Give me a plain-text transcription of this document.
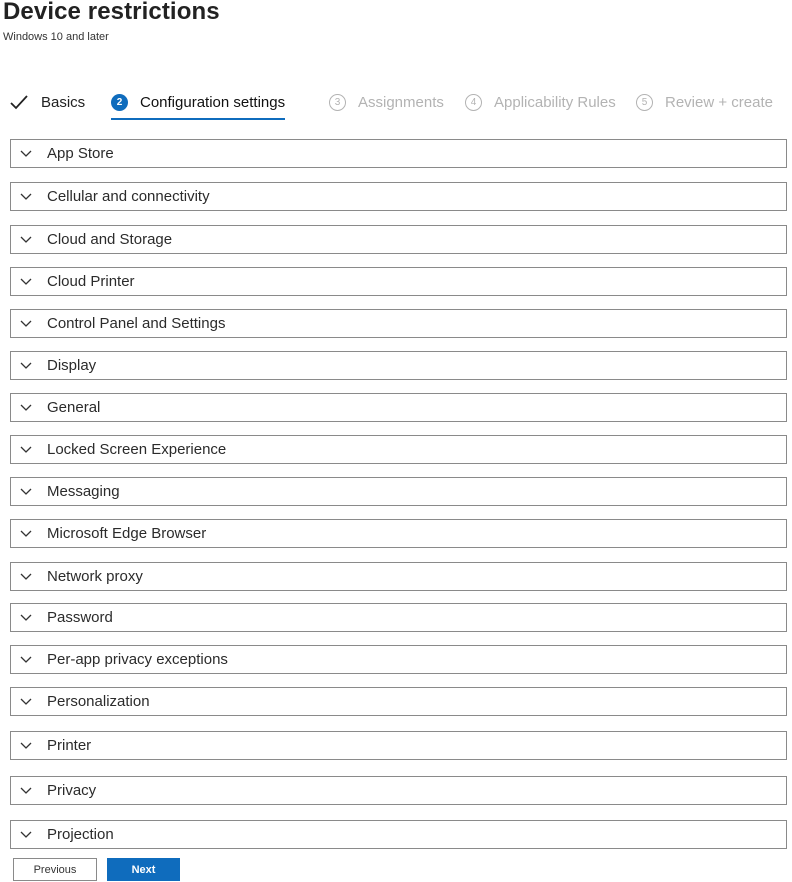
Device restrictions
Windows 10 and later
Basics	2	Configuration settings	3	Assignments	4	Applicability Rules	5	Review + create
App Store
Cellular and connectivity
Cloud and Storage
Cloud Printer
Control Panel and Settings
Display
General
Locked Screen Experience
Messaging
Microsoft Edge Browser
Network proxy
Password
Per-app privacy exceptions
Personalization
Printer
Privacy
Projection
Previous	Next
